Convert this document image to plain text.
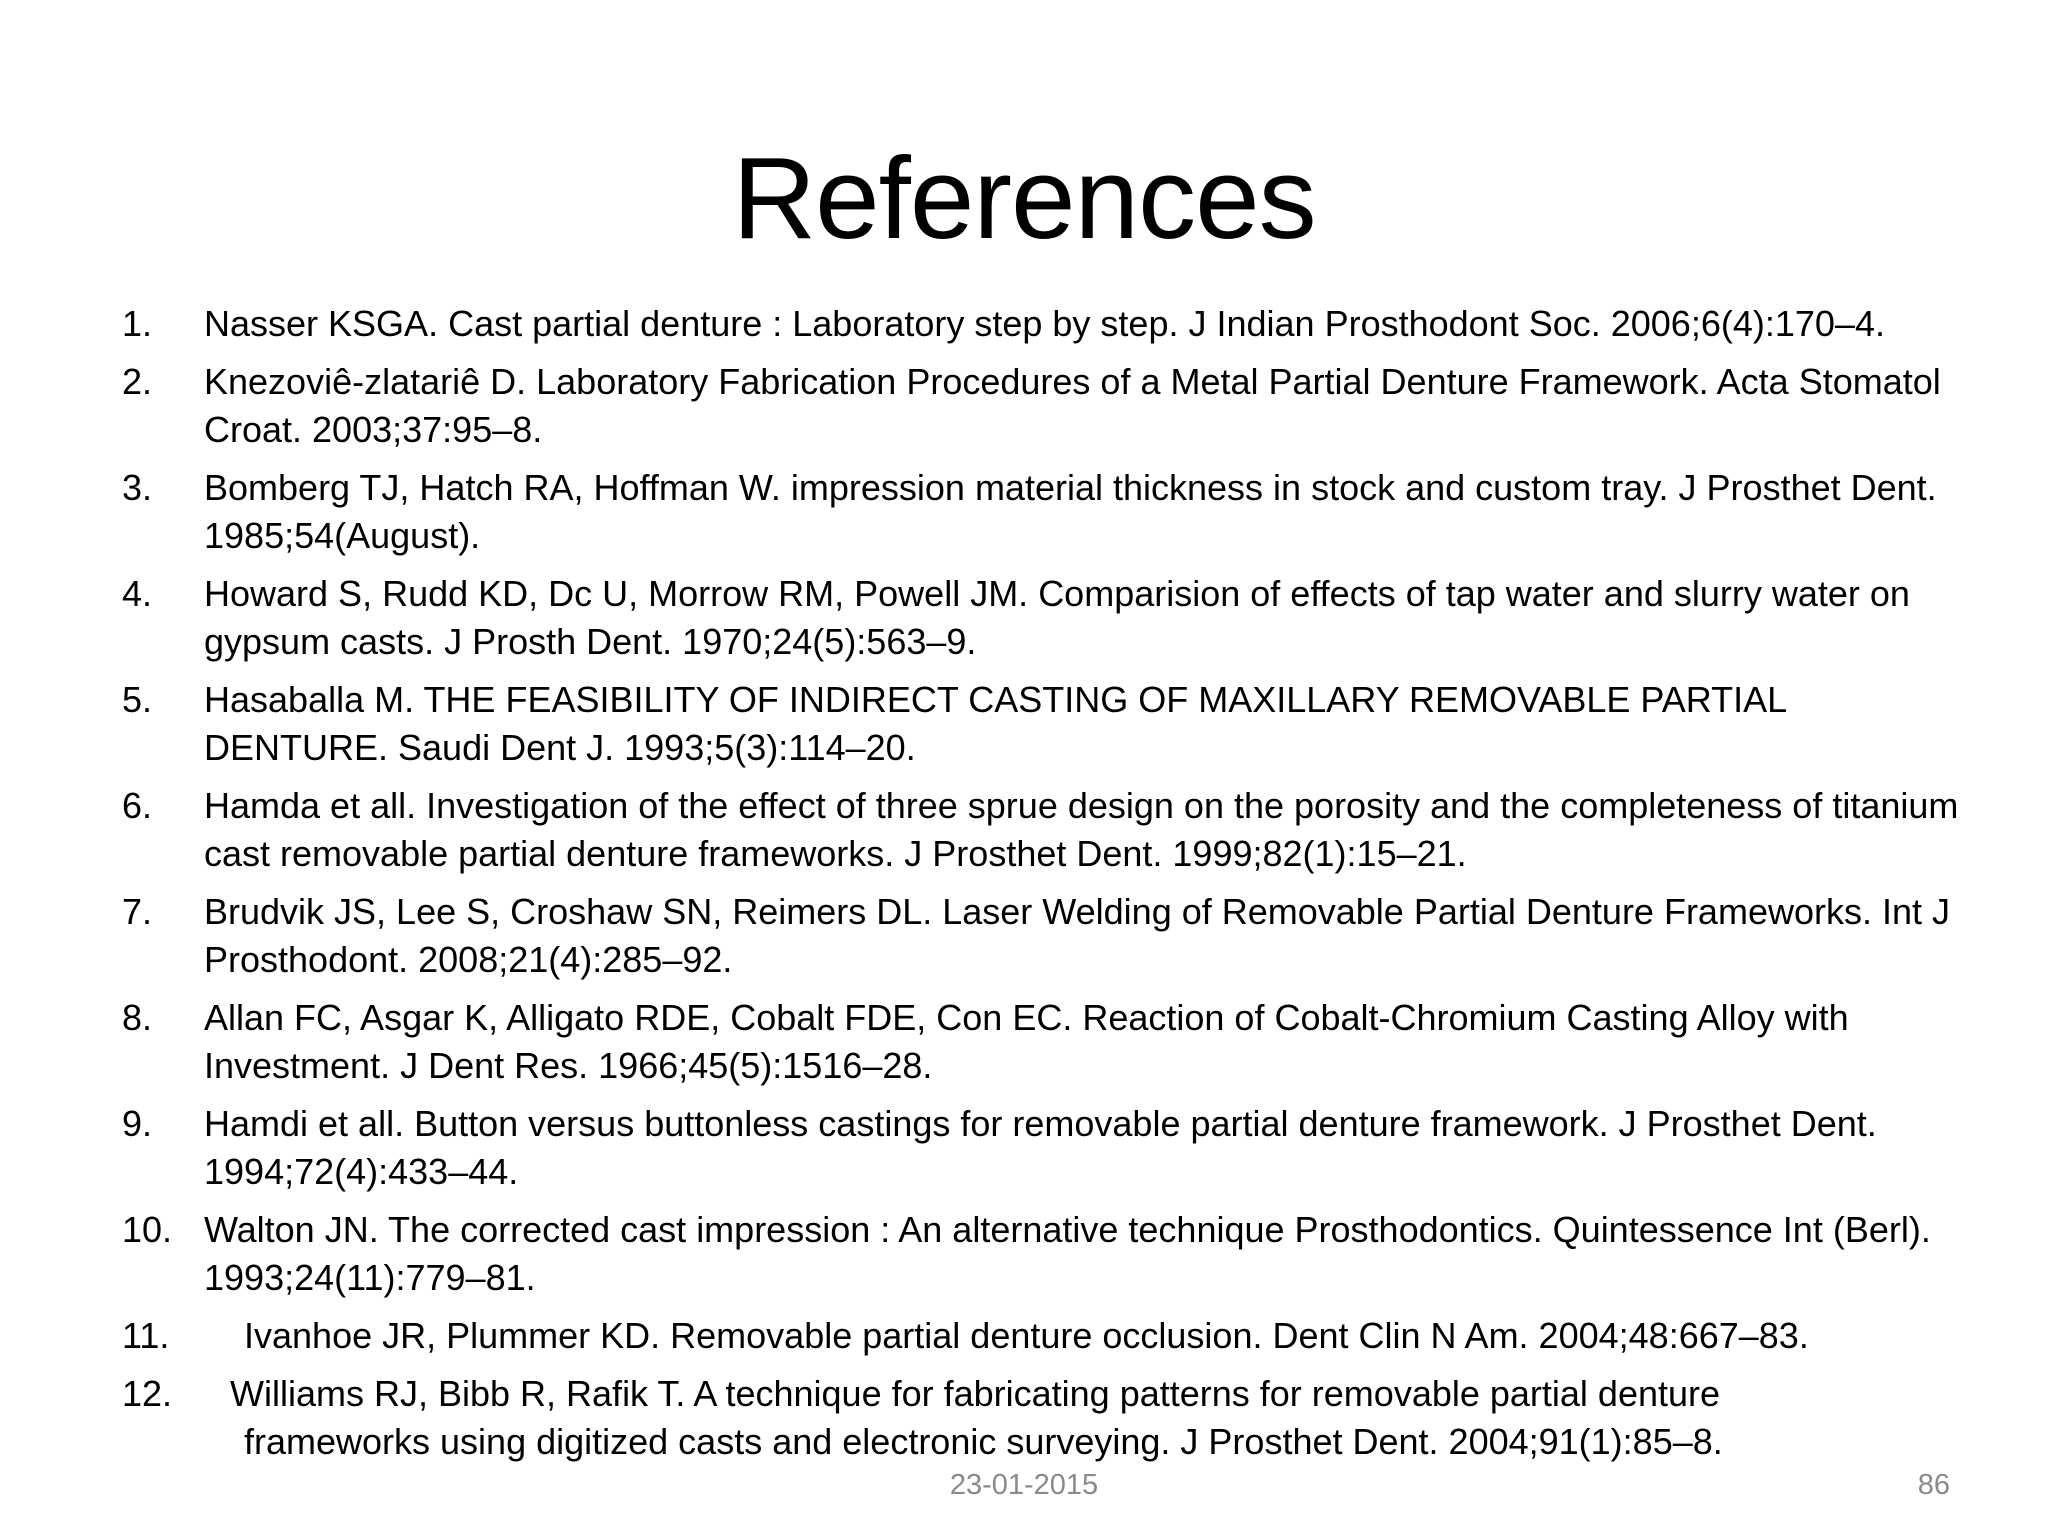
References
1. Nasser KSGA. Cast partial denture : Laboratory step by step. J Indian Prosthodont Soc. 2006;6(4):170–4.
2. Knezoviê-zlatariê D. Laboratory Fabrication Procedures of a Metal Partial Denture Framework. Acta Stomatol Croat. 2003;37:95–8.
3. Bomberg TJ, Hatch RA, Hoffman W. impression material thickness in stock and custom tray. J Prosthet Dent. 1985;54(August).
4. Howard S, Rudd KD, Dc U, Morrow RM, Powell JM. Comparision of effects of tap water and slurry water on gypsum casts. J Prosth Dent. 1970;24(5):563–9.
5. Hasaballa M. THE FEASIBILITY OF INDIRECT CASTING OF MAXILLARY REMOVABLE PARTIAL DENTURE. Saudi Dent J. 1993;5(3):114–20.
6. Hamda et all. Investigation of the effect of three sprue design on the porosity and the completeness of titanium cast removable partial denture frameworks. J Prosthet Dent. 1999;82(1):15–21.
7. Brudvik JS, Lee S, Croshaw SN, Reimers DL. Laser Welding of Removable Partial Denture Frameworks. Int J Prosthodont. 2008;21(4):285–92.
8. Allan FC, Asgar K, Alligato RDE, Cobalt FDE, Con EC. Reaction of Cobalt-Chromium Casting Alloy with Investment. J Dent Res. 1966;45(5):1516–28.
9. Hamdi et all. Button versus buttonless castings for removable partial denture framework. J Prosthet Dent. 1994;72(4):433–44.
10. Walton JN. The corrected cast impression : An alternative technique Prosthodontics. Quintessence Int (Berl). 1993;24(11):779–81.
11. Ivanhoe JR, Plummer KD. Removable partial denture occlusion. Dent Clin N Am. 2004;48:667–83.
12. Williams RJ, Bibb R, Rafik T. A technique for fabricating patterns for removable partial denture
frameworks using digitized casts and electronic surveying. J Prosthet Dent. 2004;91(1):85–8.
23-01-2015	86
